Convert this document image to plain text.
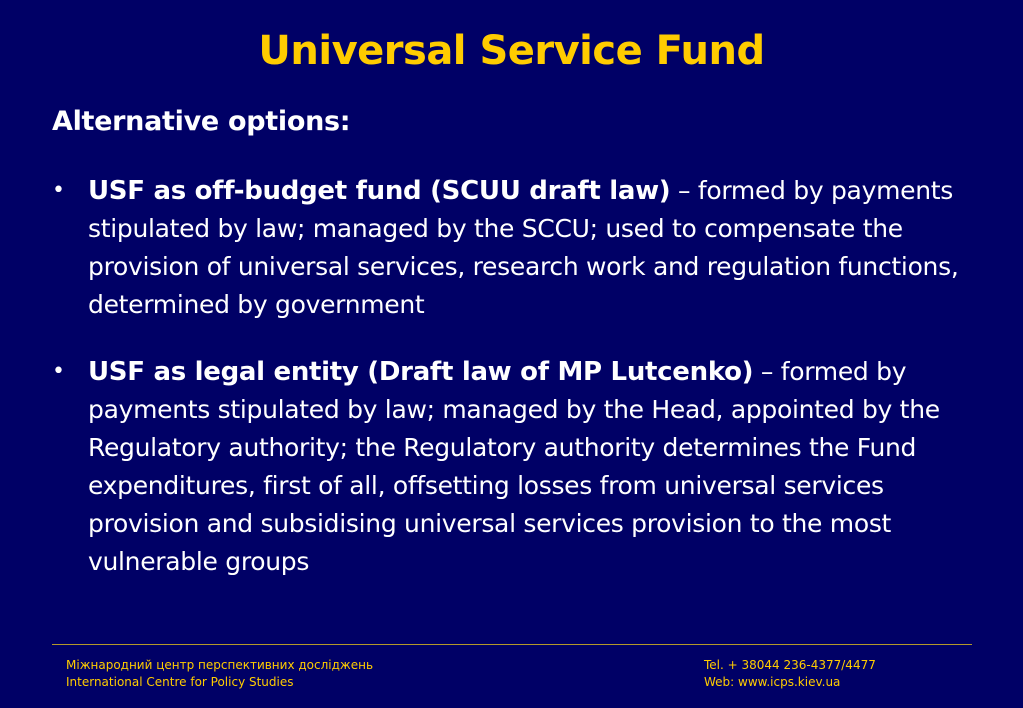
Universal Service Fund
Alternative options:
• USF as off-budget fund (SCUU draft law) – formed by payments stipulated by law; managed by the SCCU; used to compensate the provision of universal services, research work and regulation functions, determined by government
• USF as legal entity (Draft law of MP Lutcenko) – formed by payments stipulated by law; managed by the Head, appointed by the Regulatory authority; the Regulatory authority determines the Fund expenditures, first of all, offsetting losses from universal services provision and subsidising universal services provision to the most vulnerable groups
Міжнародний центр перспективних досліджень
International Centre for Policy Studies
Tel. + 38044 236-4377/4477
Web: www.icps.kiev.ua
